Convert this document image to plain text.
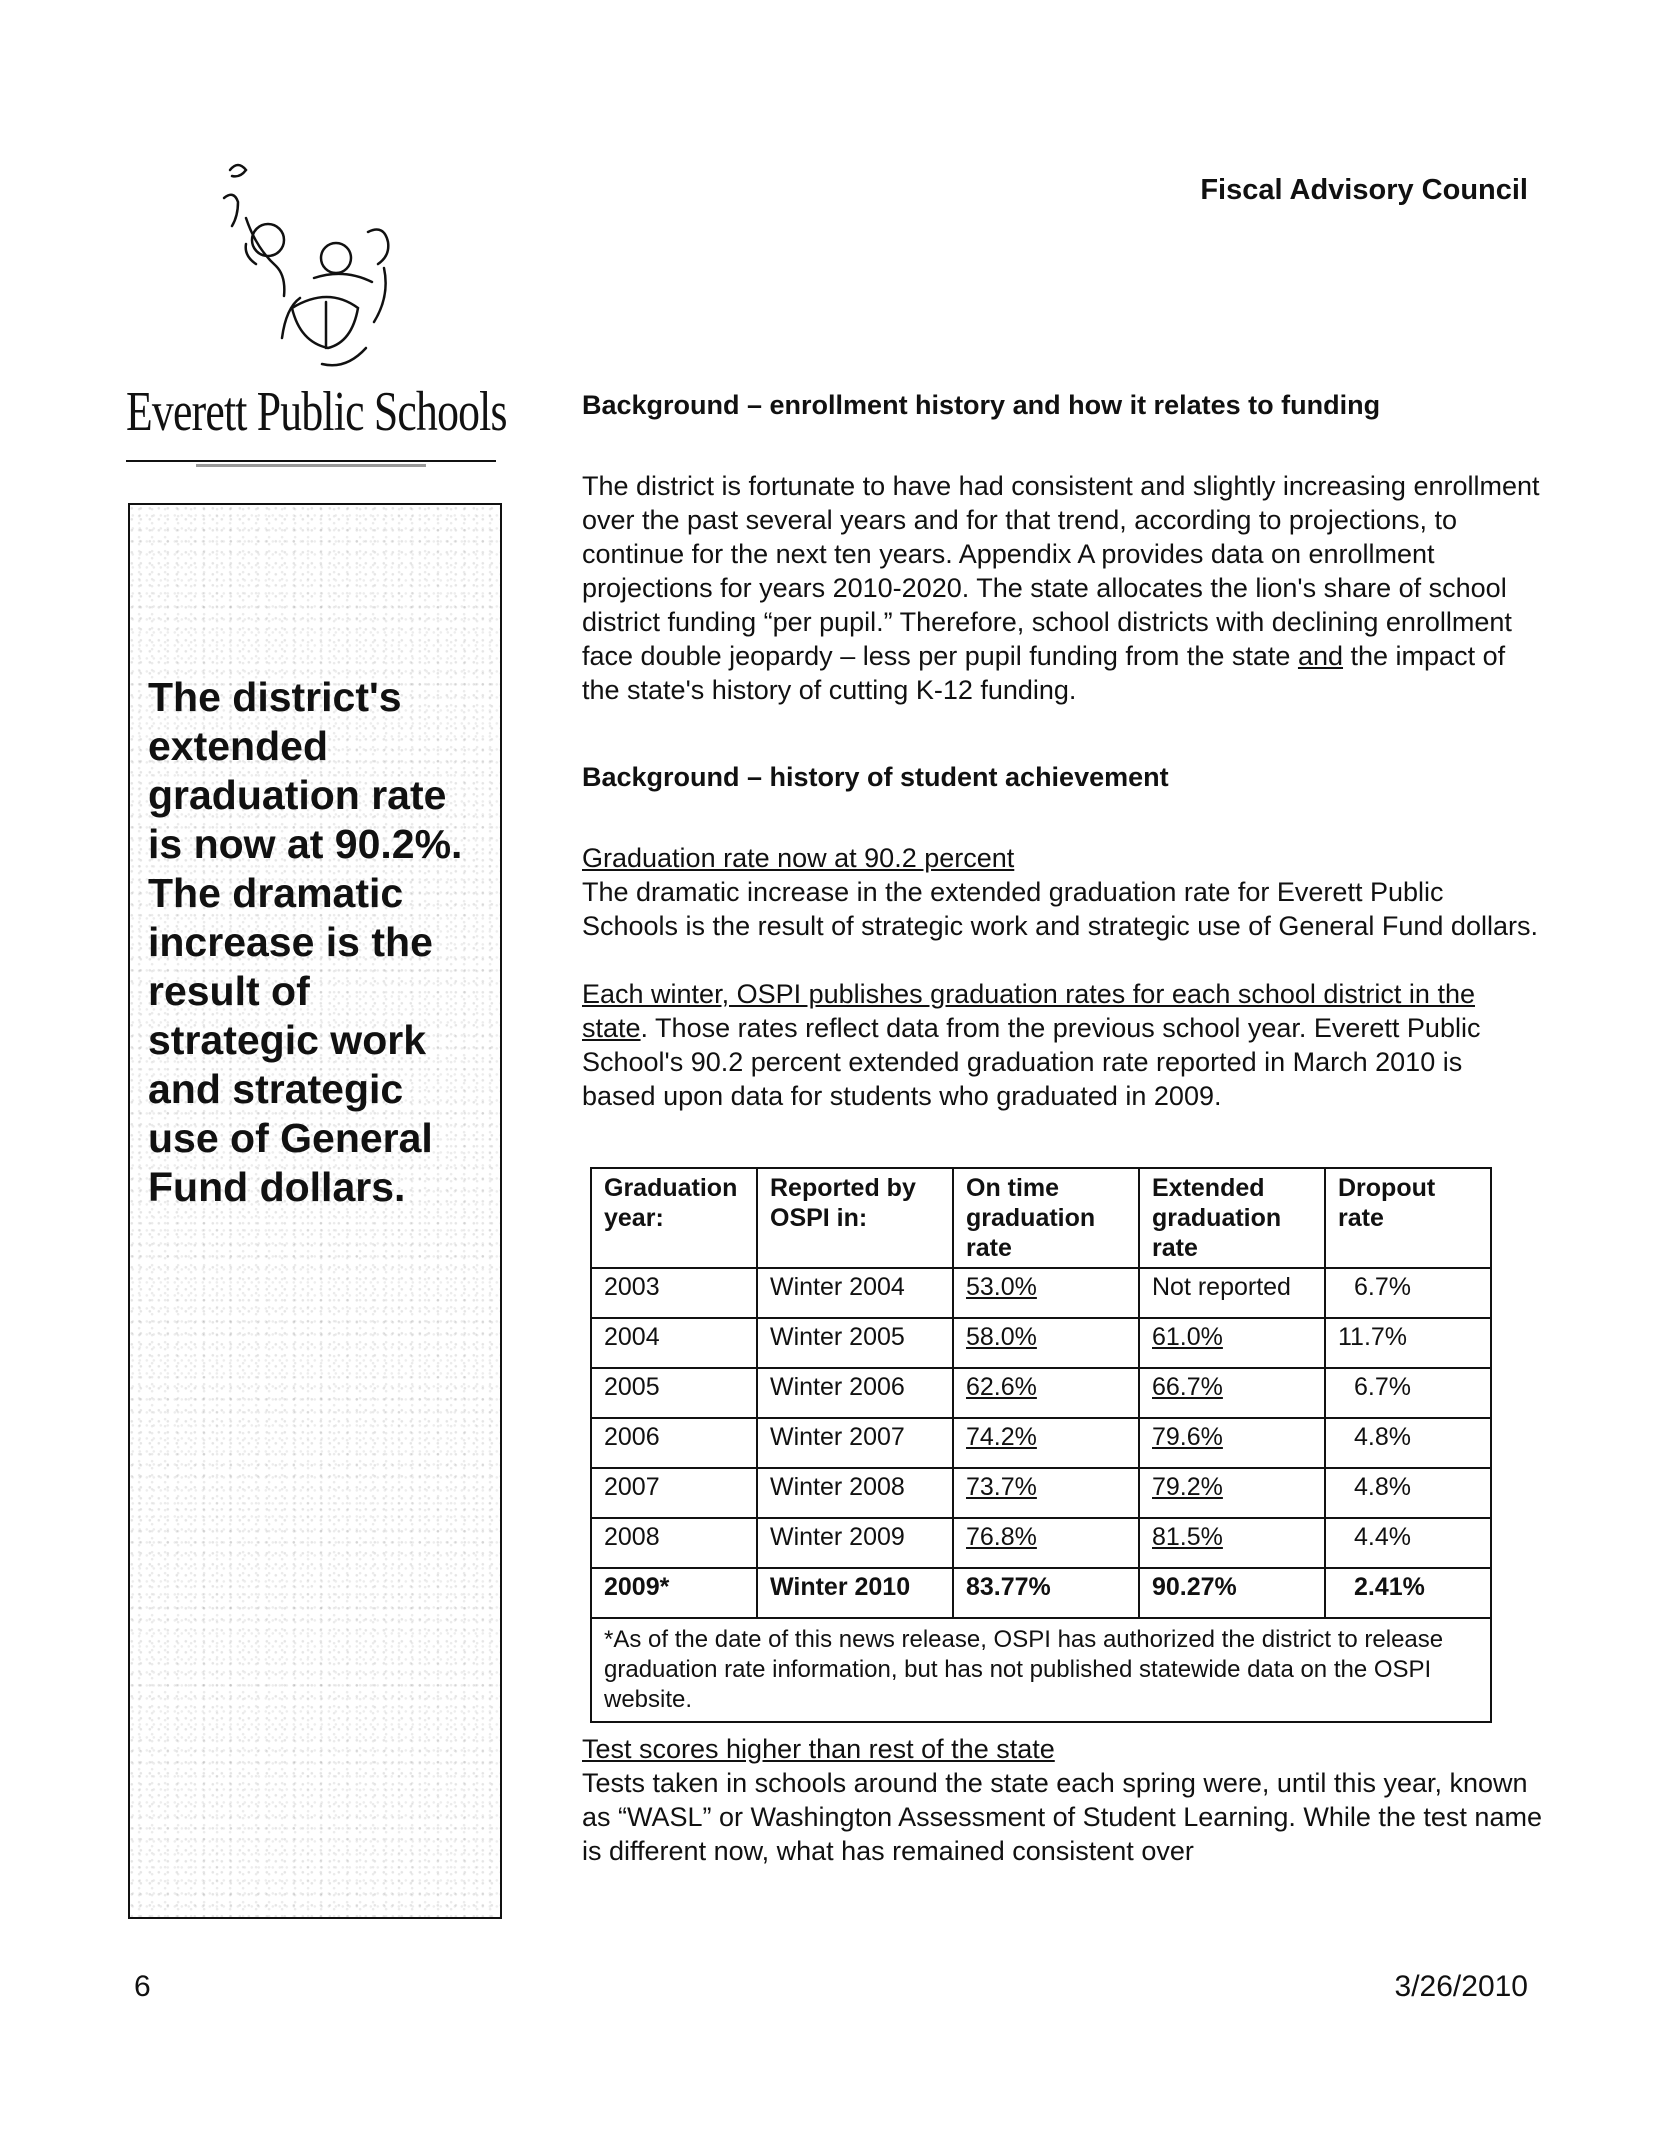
Fiscal Advisory Council
Everett Public Schools
The district's extended graduation rate is now at 90.2%. The dramatic increase is the result of strategic work and strategic use of General Fund dollars.
Background – enrollment history and how it relates to funding

The district is fortunate to have had consistent and slightly increasing enrollment over the past several years and for that trend, according to projections, to continue for the next ten years. Appendix A provides data on enrollment projections for years 2010-2020. The state allocates the lion's share of school district funding “per pupil.” Therefore, school districts with declining enrollment face double jeopardy – less per pupil funding from the state and the impact of the state's history of cutting K-12 funding.

Background – history of student achievement
Graduation rate now at 90.2 percent

The dramatic increase in the extended graduation rate for Everett Public Schools is the result of strategic work and strategic use of General Fund dollars.

Each winter, OSPI publishes graduation rates for each school district in the state. Those rates reflect data from the previous school year. Everett Public School's 90.2 percent extended graduation rate reported in March 2010 is based upon data for students who graduated in 2009.

Graduation year:	Reported by OSPI in:	On time graduation rate	Extended graduation rate	Dropout rate
2003	Winter 2004	53.0%	Not reported	6.7%
2004	Winter 2005	58.0%	61.0%	11.7%
2005	Winter 2006	62.6%	66.7%	6.7%
2006	Winter 2007	74.2%	79.6%	4.8%
2007	Winter 2008	73.7%	79.2%	4.8%
2008	Winter 2009	76.8%	81.5%	4.4%
2009*	Winter 2010	83.77%	90.27%	2.41%
*As of the date of this news release, OSPI has authorized the district to release graduation rate information, but has not published statewide data on the OSPI website.				
Test scores higher than rest of the state

Tests taken in schools around the state each spring were, until this year, known as “WASL” or Washington Assessment of Student Learning. While the test name is different now, what has remained consistent over

6	3/26/2010
